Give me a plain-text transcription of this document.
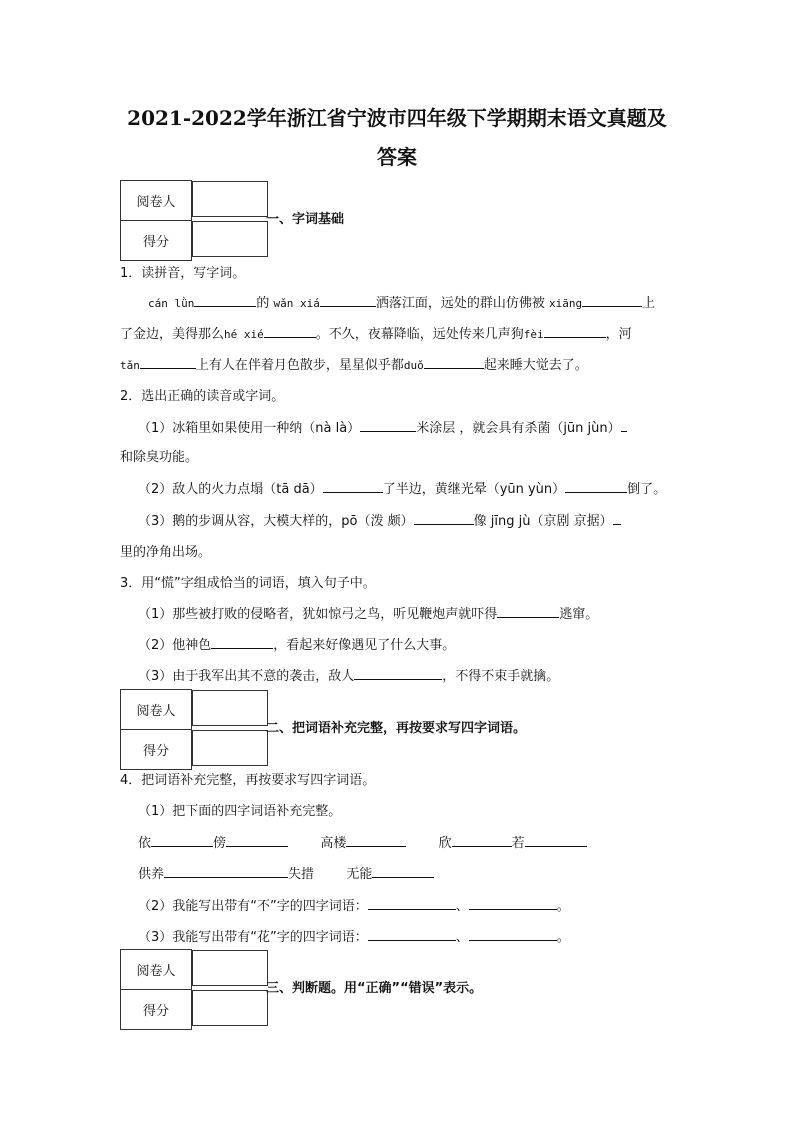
2021-2022学年浙江省宁波市四年级下学期期末语文真题及
答案
阅卷人	
得分	
一、字词基础
1．读拼音，写字词。
cán lǜn	的 wǎn xiá	洒落江面，远处的群山仿佛被 xiāng	上
了金边，美得那么hé xié	。不久，夜幕降临，远处传来几声狗fèi	，河
tǎn	上有人在伴着月色散步，星星似乎都duǒ	起来睡大觉去了。
2．选出正确的读音或字词。
（1）冰箱里如果使用一种纳（nà là）	米涂层 ，就会具有杀菌（jūn jùn）
和除臭功能。
（2）敌人的火力点塌（tā dā）	了半边，黄继光晕（yūn yùn）	倒了。
（3）鹅的步调从容，大模大样的，pō（泼 颇）	像 jīng jù（京剧 京据）
里的净角出场。
3．用“慌”字组成恰当的词语，填入句子中。
（1）那些被打败的侵略者，犹如惊弓之鸟，听见鞭炮声就吓得	逃窜。
（2）他神色	，看起来好像遇见了什么大事。
（3）由于我军出其不意的袭击，敌人	，不得不束手就擒。
阅卷人	
得分	
二、把词语补充完整，再按要求写四字词语。
4．把词语补充完整，再按要求写四字词语。
（1）把下面的四字词语补充完整。
依	傍	高楼	欣	若
供养	失措 无能
（2）我能写出带有“不”字的四字词语：	、	。
（3）我能写出带有“花”字的四字词语：	、	。
阅卷人	
得分	
三、判断题。用“正确”“错误”表示。
